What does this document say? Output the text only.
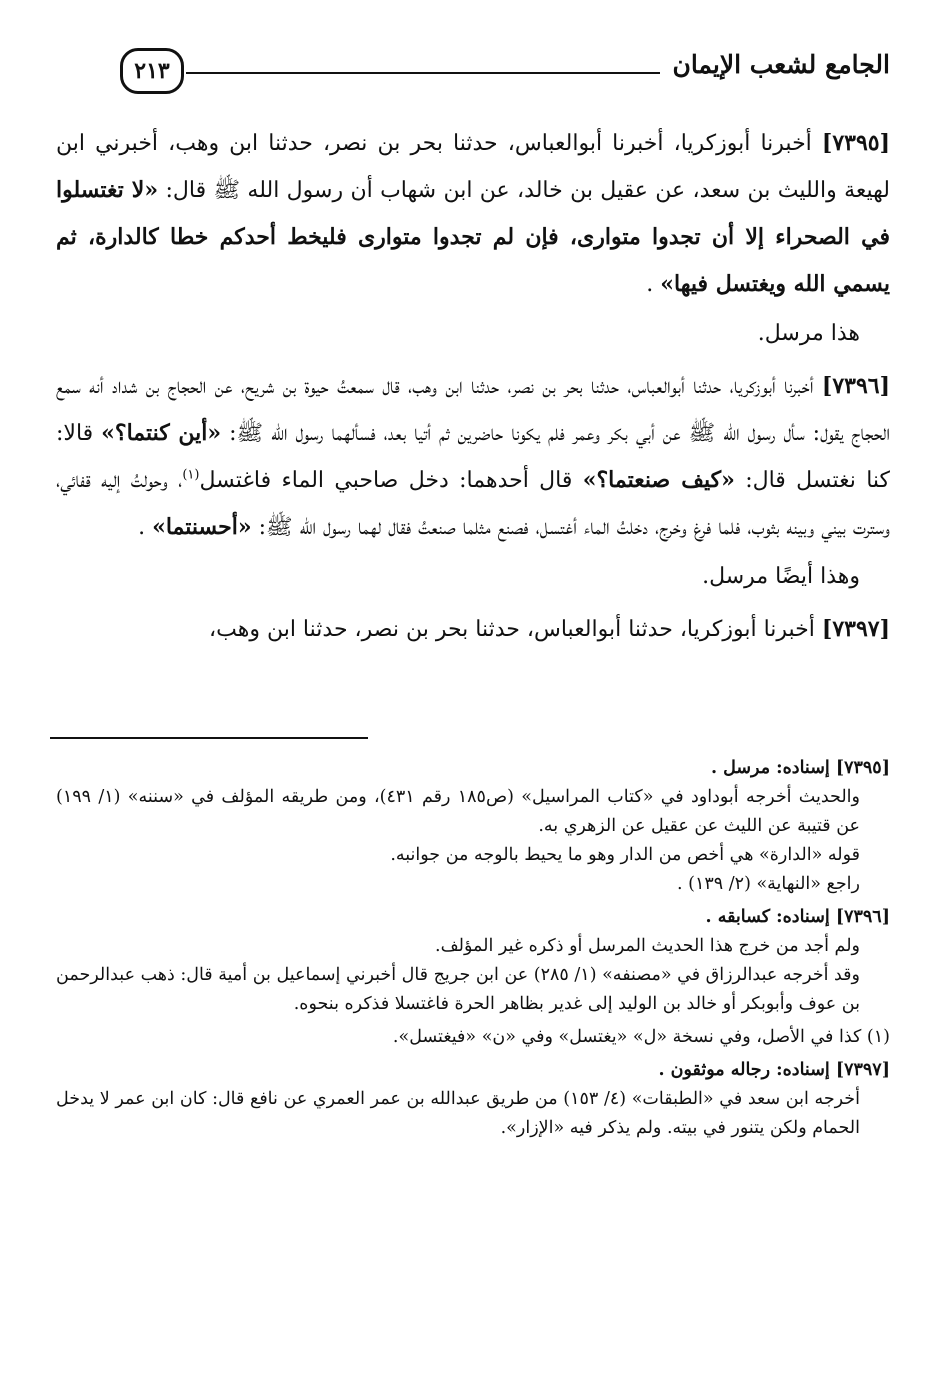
الجامع لشعب الإيمان
٢١٣

[٧٣٩٥] أخبرنا أبوزكريا، أخبرنا أبوالعباس، حدثنا بحر بن نصر، حدثنا ابن وهب، أخبرني ابن لهيعة والليث بن سعد، عن عقيل بن خالد، عن ابن شهاب أن رسول الله ﷺ قال: «لا تغتسلوا في الصحراء إلا أن تجدوا متوارى، فإن لم تجدوا متوارى فليخط أحدكم خطا كالدارة، ثم يسمي الله ويغتسل فيها» .

هذا مرسل.

[٧٣٩٦] أخبرنا أبوزكريا، حدثنا أبوالعباس، حدثنا بحر بن نصر، حدثنا ابن وهب، قال سمعتُ حيوة بن شريح، عن الحجاج بن شداد أنه سمع الحجاج يقول: سأل رسول الله ﷺ عن أبي بكر وعمر فلم يكونا حاضرين ثم أتيا بعد، فسألهما رسول الله ﷺ: «أين كنتما؟» قالا: كنا نغتسل قال: «كيف صنعتما؟» قال أحدهما: دخل صاحبي الماء فاغتسل$^{(١)}$، وحولتُ إليه قفائي، وسترت بيني وبينه بثوب، فلما فرغ وخرج، دخلتُ الماء أغتسل، فصنع مثلما صنعتُ فقال لهما رسول الله ﷺ: «أحسنتما» .

وهذا أيضًا مرسل.

[٧٣٩٧] أخبرنا أبوزكريا، حدثنا أبوالعباس، حدثنا بحر بن نصر، حدثنا ابن وهب،

[٧٣٩٥] إسناده: مرسل .

والحديث أخرجه أبوداود في «كتاب المراسيل» (ص١٨٥ رقم ٤٣١)، ومن طريقه المؤلف في «سننه» (١/ ١٩٩) عن قتيبة عن الليث عن عقيل عن الزهري به.

قوله «الدارة» هي أخص من الدار وهو ما يحيط بالوجه من جوانبه.

راجع «النهاية» (٢/ ١٣٩) .

[٧٣٩٦] إسناده: كسابقه .

ولم أجد من خرج هذا الحديث المرسل أو ذكره غير المؤلف.

وقد أخرجه عبدالرزاق في «مصنفه» (١/ ٢٨٥) عن ابن جريج قال أخبرني إسماعيل بن أمية قال: ذهب عبدالرحمن بن عوف وأبوبكر أو خالد بن الوليد إلى غدير بظاهر الحرة فاغتسلا فذكره بنحوه.

(١) كذا في الأصل، وفي نسخة «ل» «يغتسل» وفي «ن» «فيغتسل».

[٧٣٩٧] إسناده: رجاله موثقون .

أخرجه ابن سعد في «الطبقات» (٤/ ١٥٣) من طريق عبدالله بن عمر العمري عن نافع قال: كان ابن عمر لا يدخل الحمام ولكن يتنور في بيته. ولم يذكر فيه «الإزار».
